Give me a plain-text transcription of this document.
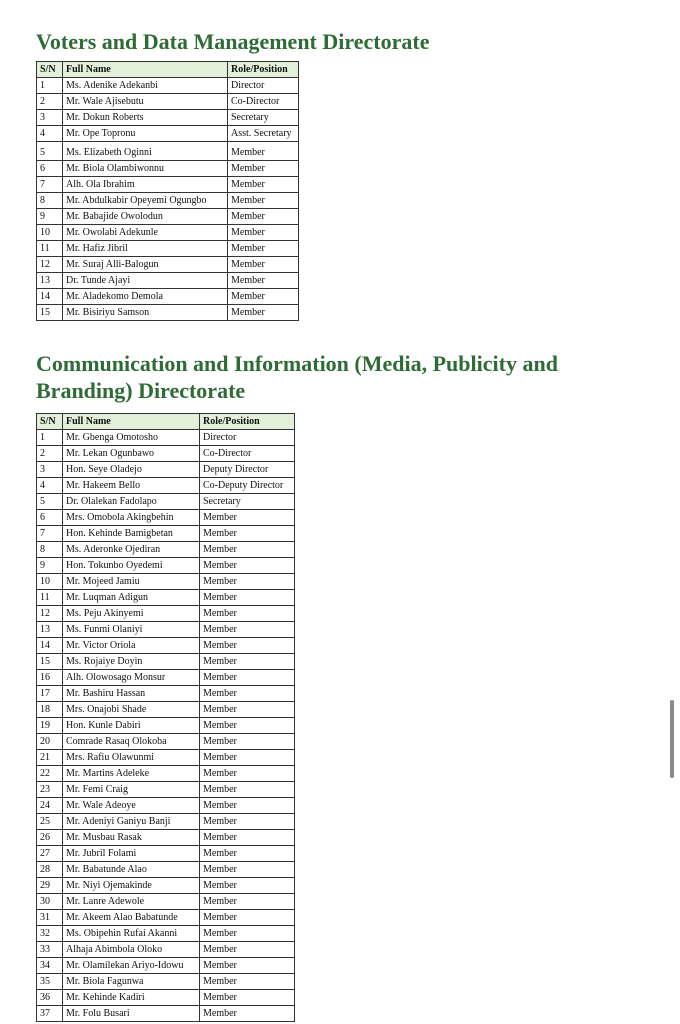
Voters and Data Management Directorate
S/N	Full Name	Role/Position
1	Ms. Adenike Adekanbi	Director
2	Mr. Wale Ajisebutu	Co-Director
3	Mr. Dokun Roberts	Secretary
4	Mr. Ope Topronu	Asst. Secretary
5	Ms. Elizabeth Oginni	Member
6	Mr. Biola Olambiwonnu	Member
7	Alh. Ola Ibrahim	Member
8	Mr. Abdulkabir Opeyemi Ogungbo	Member
9	Mr. Babajide Owolodun	Member
10	Mr. Owolabi Adekunle	Member
11	Mr. Hafiz Jibril	Member
12	Mr. Suraj Alli-Balogun	Member
13	Dr. Tunde Ajayi	Member
14	Mr. Aladekomo Demola	Member
15	Mr. Bisiriyu Samson	Member
Communication and Information (Media, Publicity and Branding) Directorate
S/N	Full Name	Role/Position
1	Mr. Gbenga Omotosho	Director
2	Mr. Lekan Ogunbawo	Co-Director
3	Hon. Seye Oladejo	Deputy Director
4	Mr. Hakeem Bello	Co-Deputy Director
5	Dr. Olalekan Fadolapo	Secretary
6	Mrs. Omobola Akingbehin	Member
7	Hon. Kehinde Bamigbetan	Member
8	Ms. Aderonke Ojediran	Member
9	Hon. Tokunbo Oyedemi	Member
10	Mr. Mojeed Jamiu	Member
11	Mr. Luqman Adigun	Member
12	Ms. Peju Akinyemi	Member
13	Ms. Funmi Olaniyi	Member
14	Mr. Victor Oriola	Member
15	Ms. Rojaiye Doyin	Member
16	Alh. Olowosago Monsur	Member
17	Mr. Bashiru Hassan	Member
18	Mrs. Onajobi Shade	Member
19	Hon. Kunle Dabiri	Member
20	Comrade Rasaq Olokoba	Member
21	Mrs. Rafiu Olawunmi	Member
22	Mr. Martins Adeleke	Member
23	Mr. Femi Craig	Member
24	Mr. Wale Adeoye	Member
25	Mr. Adeniyi Ganiyu Banji	Member
26	Mr. Musbau Rasak	Member
27	Mr. Jubril Folami	Member
28	Mr. Babatunde Alao	Member
29	Mr. Niyi Ojemakinde	Member
30	Mr. Lanre Adewole	Member
31	Mr. Akeem Alao Babatunde	Member
32	Ms. Obipehin Rufai Akanni	Member
33	Alhaja Abimbola Oloko	Member
34	Mr. Olamilekan Ariyo-Idowu	Member
35	Mr. Biola Fagunwa	Member
36	Mr. Kehinde Kadiri	Member
37	Mr. Folu Busari	Member
